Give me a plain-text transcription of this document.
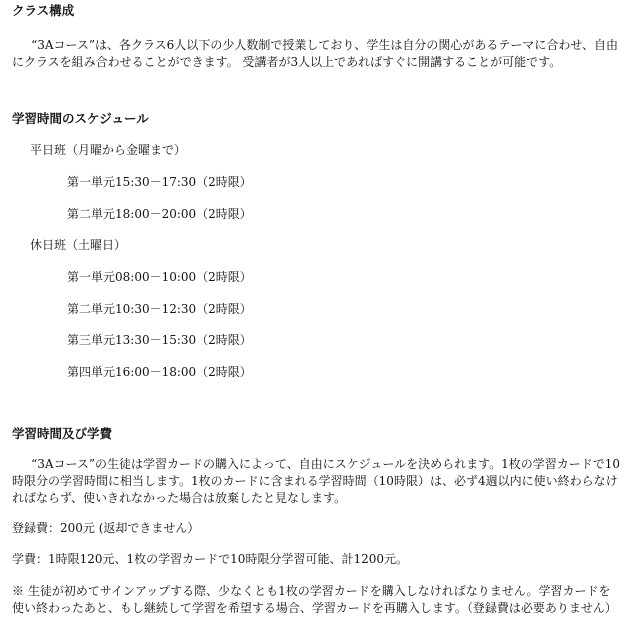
クラス構成
“3Aコース”は、各クラス6人以下の少人数制で授業しており、学生は自分の関心があるテーマに合わせ、自由にクラスを組み合わせることができます。 受講者が3人以上であればすぐに開講することが可能です。
学習時間のスケジュール
平日班（月曜から金曜まで）
第一単元15:30－17:30（2時限）
第二単元18:00－20:00（2時限）
休日班（土曜日）
第一単元08:00－10:00（2時限）
第二単元10:30－12:30（2時限）
第三単元13:30－15:30（2時限）
第四単元16:00－18:00（2時限）
学習時間及び学費
“3Aコース”の生徒は学習カードの購入によって、自由にスケジュールを決められます。1枚の学習カードで10時限分の学習時間に相当します。1枚のカードに含まれる学習時間（10時限）は、必ず4週以内に使い終わらなければならず、使いきれなかった場合は放棄したと見なします。
登録費：200元 (返却できません）
学費：1時限120元、1枚の学習カードで10時限分学習可能、計1200元。
※ 生徒が初めてサインアップする際、少なくとも1枚の学習カードを購入しなければなりません。学習カードを使い終わったあと、もし継続して学習を希望する場合、学習カードを再購入します。（登録費は必要ありません）
